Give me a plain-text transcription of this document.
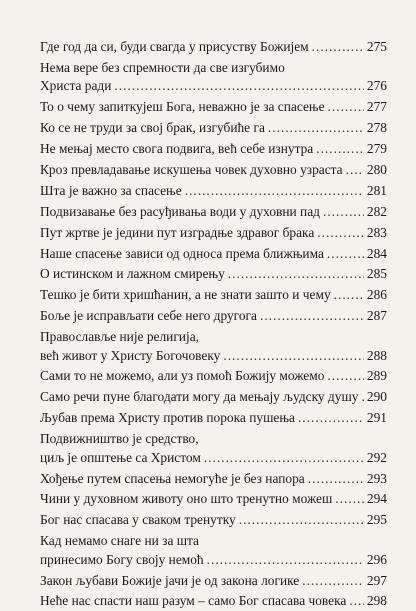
Где год да си, буди свагда у присуству Божијем .....	275
Нема вере без спремности да све изгубимо
Христа ради .....	276
То о чему запиткујеш Бога, неважно је за спасење .....	277
Ко се не труди за свој брак, изгубиће га .....	278
Не мењај место свога подвига, већ себе изнутра .....	279
Кроз превладавање искушења човек духовно узраста ..... 280
Шта је важно за спасење .....	281
Подвизавање без расуђивања води у духовни пад .....	282
Пут жртве је једини пут изградње здравог брака .....	283
Наше спасење зависи од односа према ближњима .....	284
О истинском и лажном смирењу .....	285
Тешко је бити хришћанин, а не знати зашто и чему .....	286
Боље је исправљати себе него другога .....	287
Православље није религија,
већ живот у Христу Богочовеку .....	288
Сами то не можемо, али уз помоћ Божију можемо .....	289
Само речи пуне благодати могу да мењају људску душу ..... 290
Љубав према Христу против порока пушења .....	291
Подвижништво је средство,
циљ је општење са Христом .....	292
Хођење путем спасења немогуће је без напора .....	293
Чини у духовном животу оно што тренутно можеш .....	294
Бог нас спасава у сваком тренутку .....	295
Кад немамо снаге ни за шта
принесимо Богу своју немоћ .....	296
Закон љубави Божије јачи је од закона логике .....	297
Неће нас спасти наш разум – само Бог спасава човека ..... 298
